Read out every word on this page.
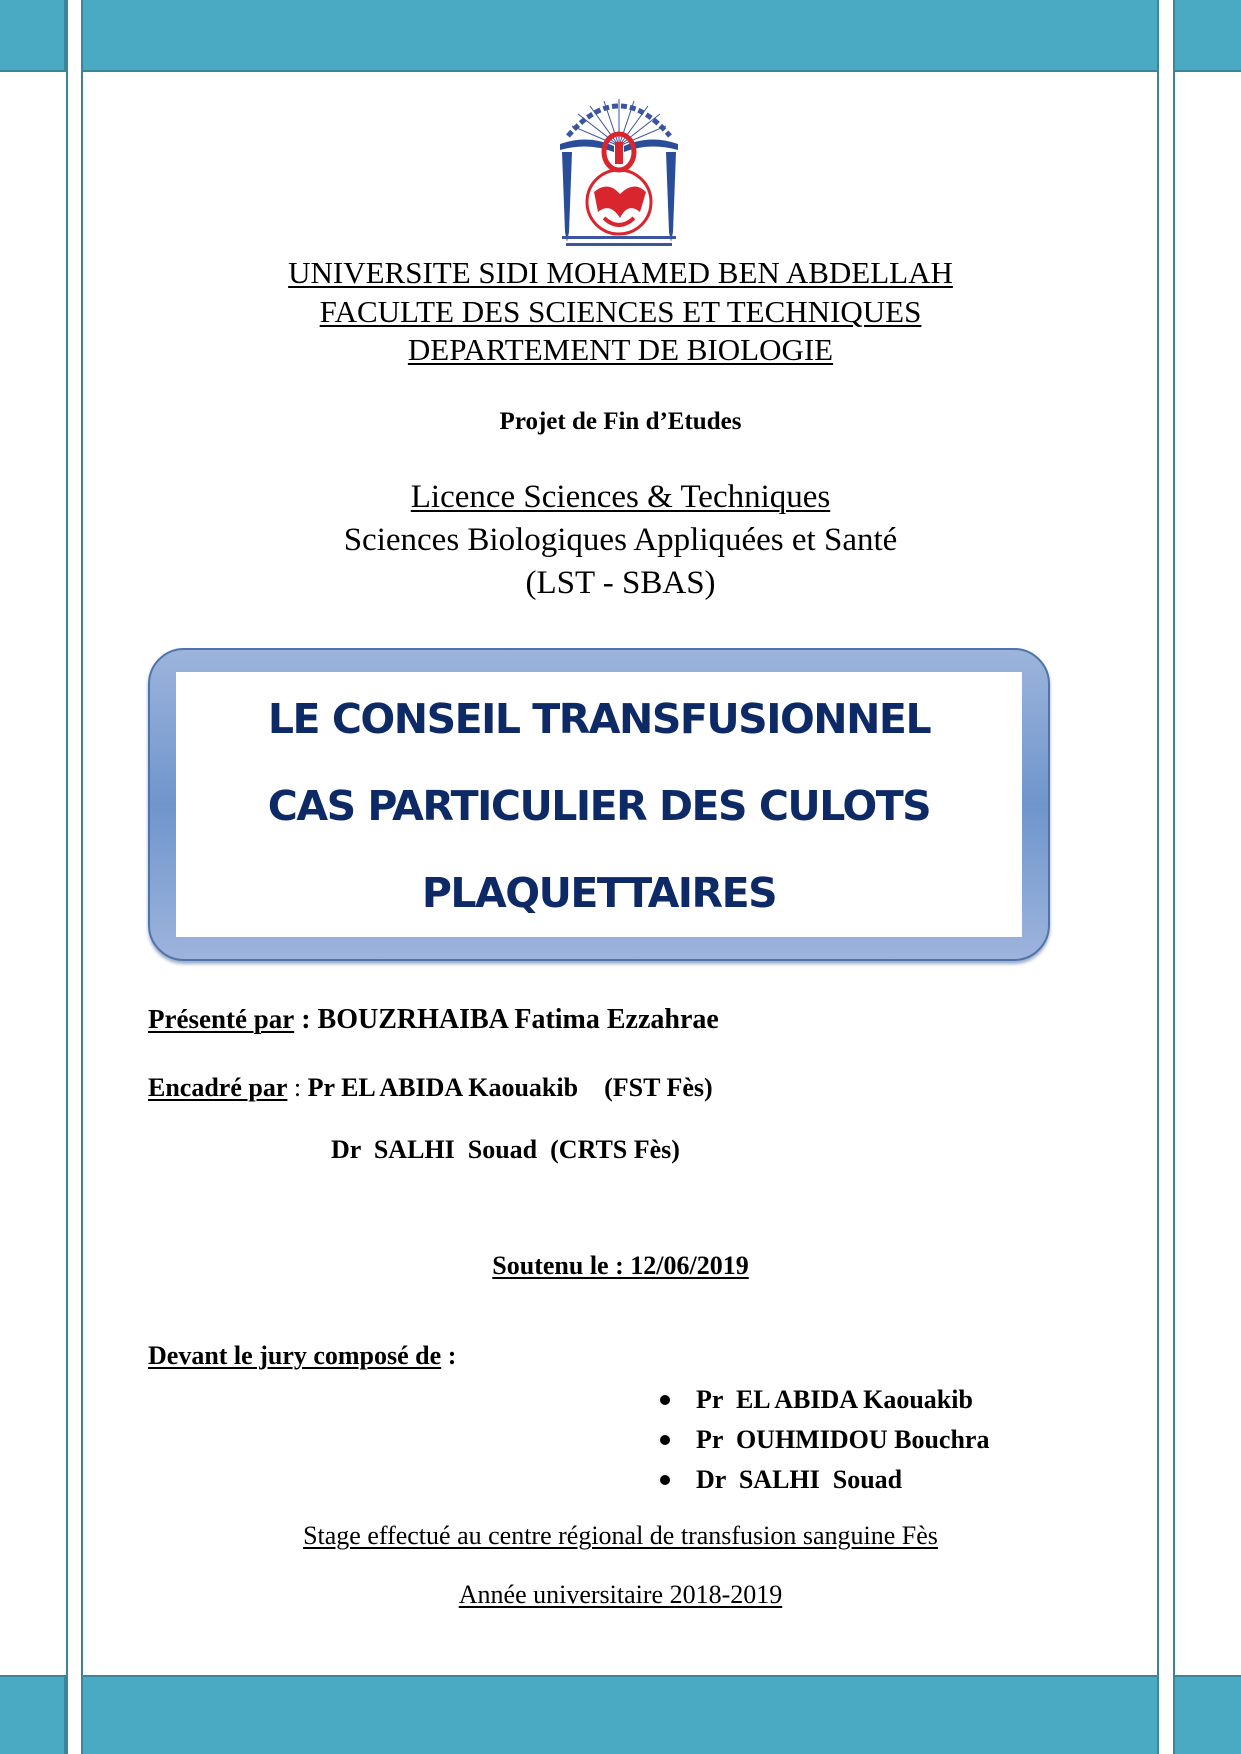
UNIVERSITE SIDI MOHAMED BEN ABDELLAH
FACULTE DES SCIENCES ET TECHNIQUES
DEPARTEMENT DE BIOLOGIE
Projet de Fin d’Etudes
Licence Sciences & Techniques
Sciences Biologiques Appliquées et Santé
(LST - SBAS)
LE CONSEIL TRANSFUSIONNEL
CAS PARTICULIER DES CULOTS
PLAQUETTAIRES
Présenté par : BOUZRHAIBA Fatima Ezzahrae
Encadré par : Pr EL ABIDA Kaouakib    (FST Fès)
Dr  SALHI  Souad  (CRTS Fès)
Soutenu le : 12/06/2019
Devant le jury composé de :
Pr  EL ABIDA Kaouakib
Pr  OUHMIDOU Bouchra
Dr  SALHI  Souad
Stage effectué au centre régional de transfusion sanguine Fès
Année universitaire 2018-2019
